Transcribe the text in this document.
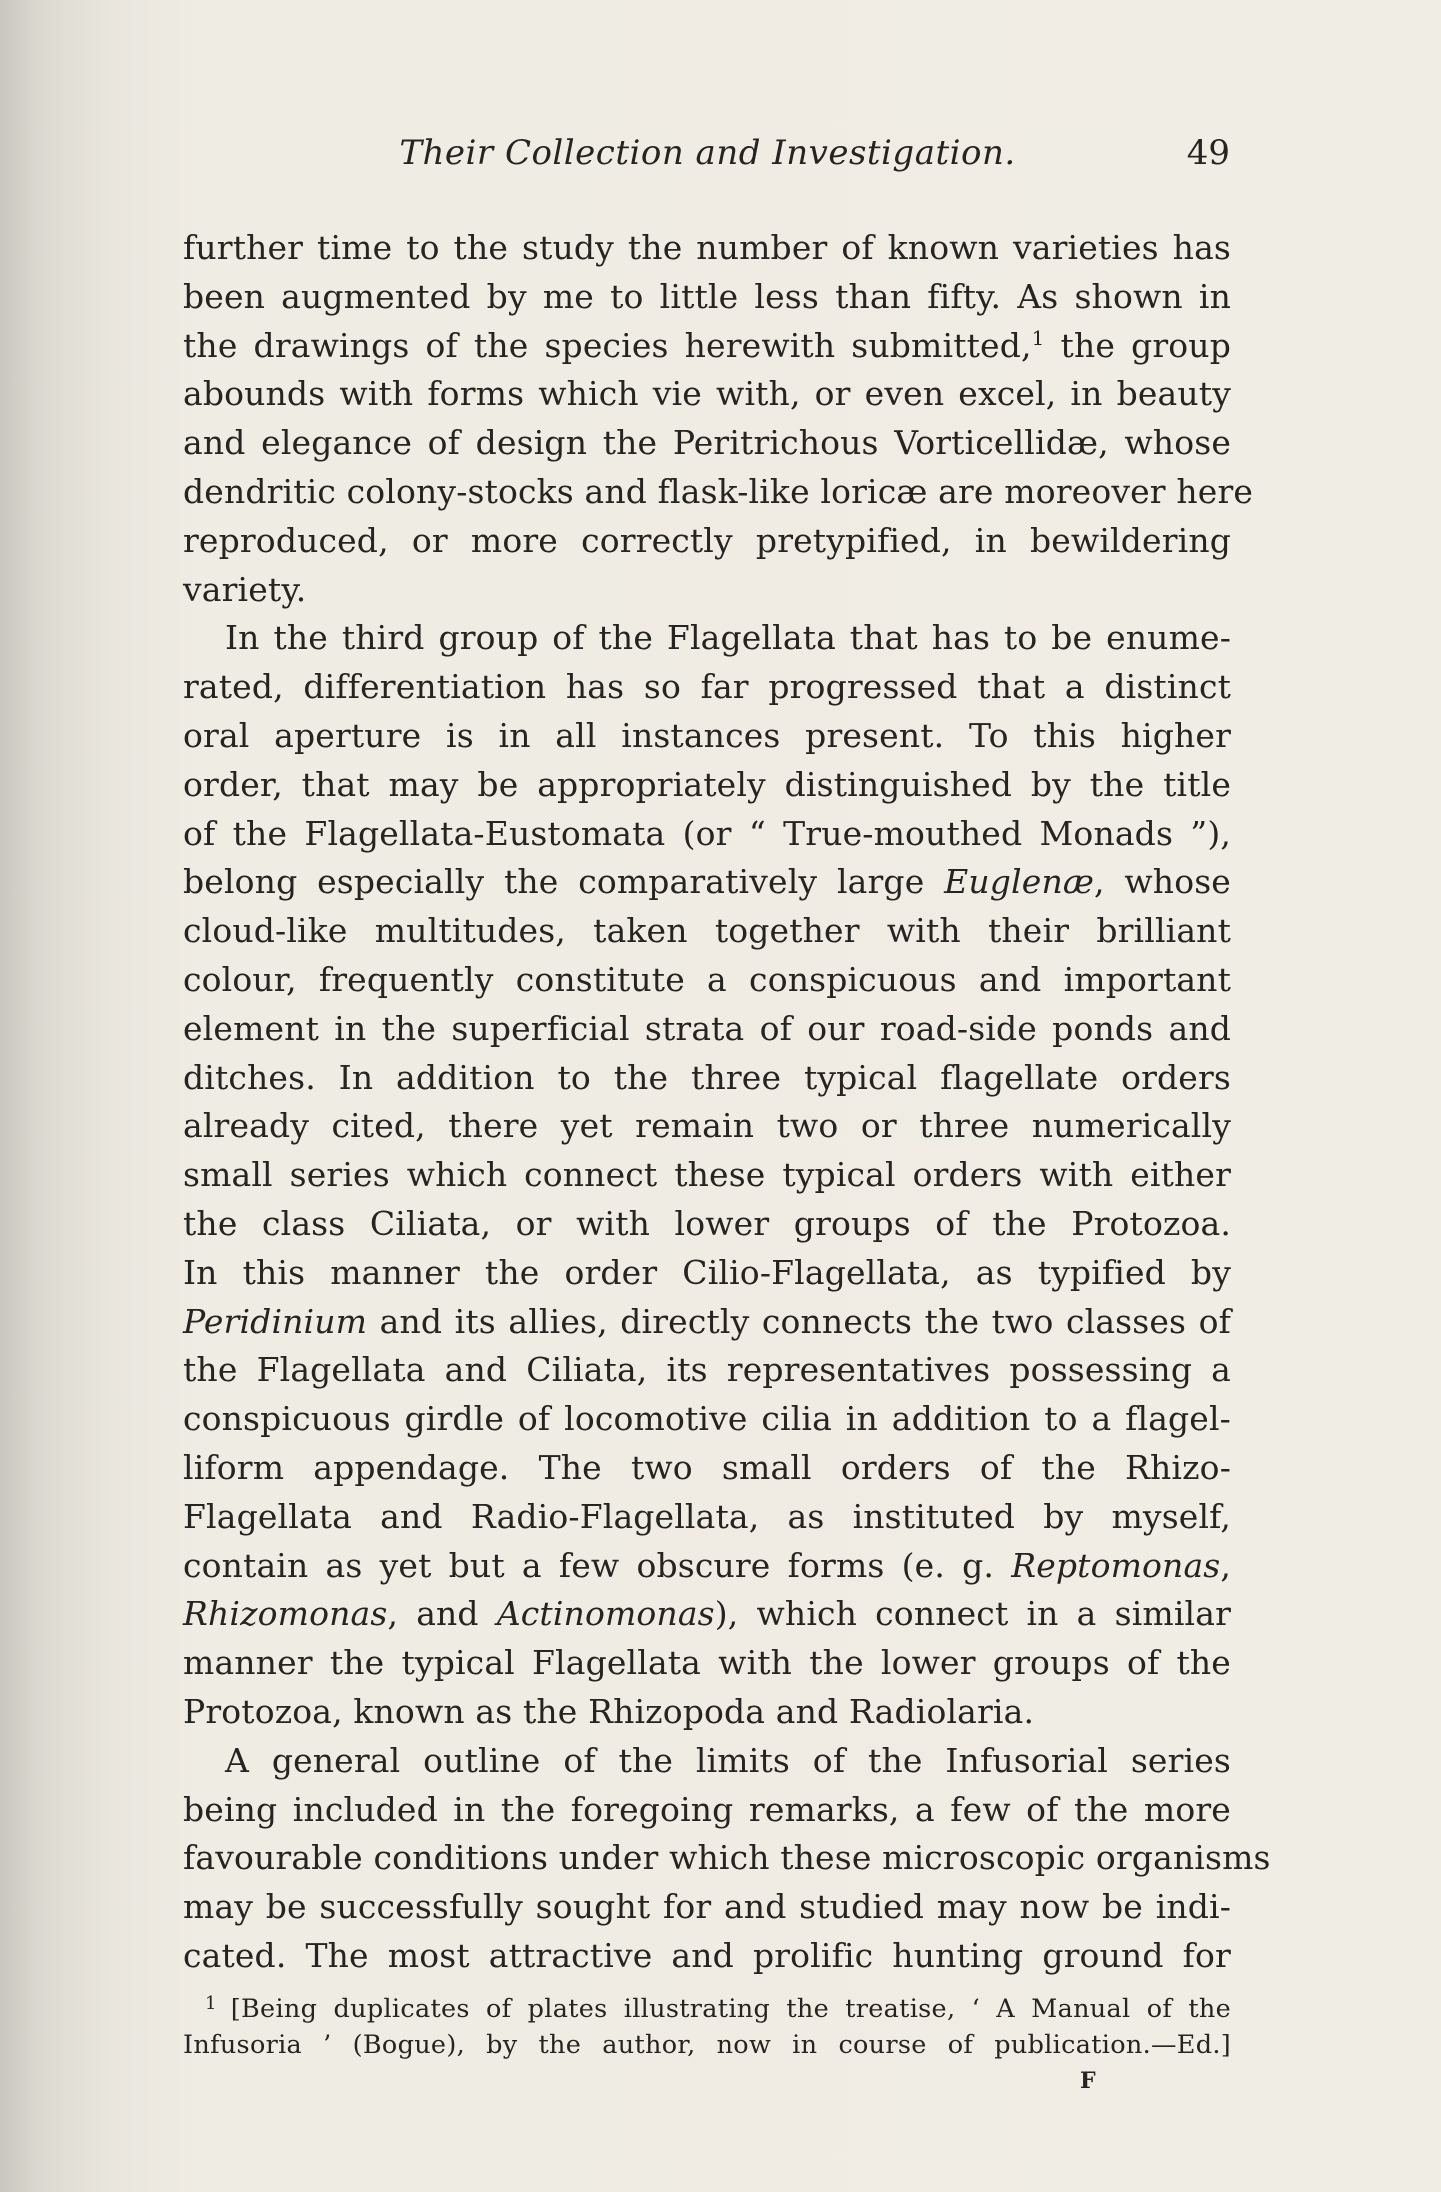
Their Collection and Investigation.	49

further time to the study the number of known varieties has
been augmented by me to little less than fifty. As shown in
the drawings of the species herewith submitted,$^1$ the group
abounds with forms which vie with, or even excel, in beauty
and elegance of design the Peritrichous Vorticellidæ, whose
dendritic colony-stocks and flask-like loricæ are moreover here
reproduced, or more correctly pretypified, in bewildering
variety.

In the third group of the Flagellata that has to be enume-
rated, differentiation has so far progressed that a distinct
oral aperture is in all instances present. To this higher
order, that may be appropriately distinguished by the title
of the Flagellata-Eustomata (or “ True-mouthed Monads ”),
belong especially the comparatively large Euglenæ, whose
cloud-like multitudes, taken together with their brilliant
colour, frequently constitute a conspicuous and important
element in the superficial strata of our road-side ponds and
ditches. In addition to the three typical flagellate orders
already cited, there yet remain two or three numerically
small series which connect these typical orders with either
the class Ciliata, or with lower groups of the Protozoa.
In this manner the order Cilio-Flagellata, as typified by
Peridinium and its allies, directly connects the two classes of
the Flagellata and Ciliata, its representatives possessing a
conspicuous girdle of locomotive cilia in addition to a flagel-
liform appendage. The two small orders of the Rhizo-
Flagellata and Radio-Flagellata, as instituted by myself,
contain as yet but a few obscure forms (e. g. Reptomonas,
Rhizomonas, and Actinomonas), which connect in a similar
manner the typical Flagellata with the lower groups of the
Protozoa, known as the Rhizopoda and Radiolaria.

A general outline of the limits of the Infusorial series
being included in the foregoing remarks, a few of the more
favourable conditions under which these microscopic organisms
may be successfully sought for and studied may now be indi-
cated. The most attractive and prolific hunting ground for

$^1$ [Being duplicates of plates illustrating the treatise, ‘ A Manual of the
Infusoria ’ (Bogue), by the author, now in course of publication.—Ed.]
F
